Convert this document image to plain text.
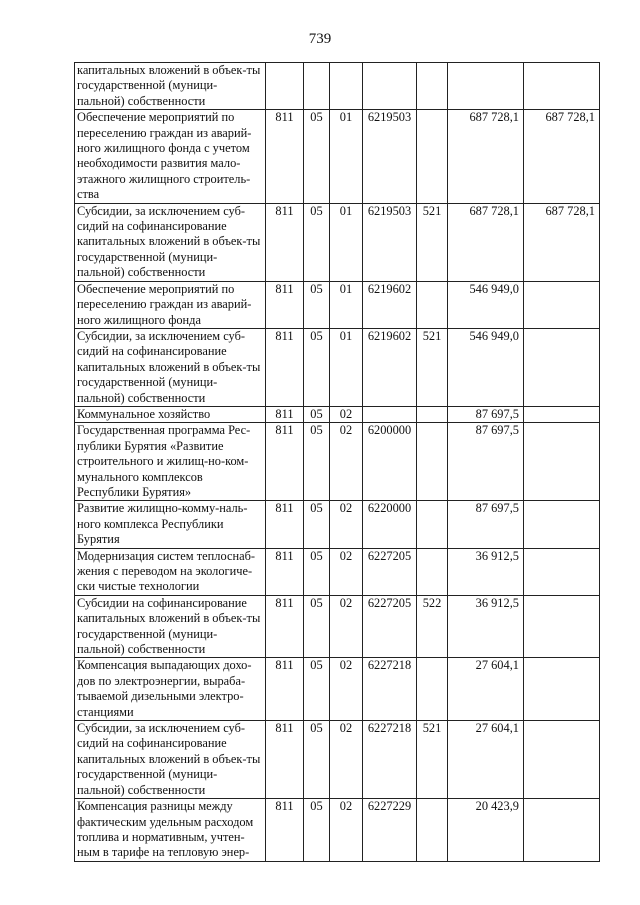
739
капитальных вложений в объек-ты государственной (муници-пальной) собственности							
Обеспечение мероприятий по переселению граждан из аварий-ного жилищного фонда с учетом необходимости развития мало-этажного жилищного строитель-ства	811	05	01	6219503		687 728,1	687 728,1
Субсидии, за исключением суб-сидий на софинансирование капитальных вложений в объек-ты государственной (муници-пальной) собственности	811	05	01	6219503	521	687 728,1	687 728,1
Обеспечение мероприятий по переселению граждан из аварий-ного жилищного фонда	811	05	01	6219602		546 949,0	
Субсидии, за исключением суб-сидий на софинансирование капитальных вложений в объек-ты государственной (муници-пальной) собственности	811	05	01	6219602	521	546 949,0	
Коммунальное хозяйство	811	05	02			87 697,5	
Государственная программа Рес-публики Бурятия «Развитие строительного и жилищ-но-ком-мунального комплексов Республики Бурятия»	811	05	02	6200000		87 697,5	
Развитие жилищно-комму-наль-ного комплекса Республики Бурятия	811	05	02	6220000		87 697,5	
Модернизация систем теплоснаб-жения с переводом на экологиче-ски чистые технологии	811	05	02	6227205		36 912,5	
Субсидии на софинансирование капитальных вложений в объек-ты государственной (муници-пальной) собственности	811	05	02	6227205	522	36 912,5	
Компенсация выпадающих дохо-дов по электроэнергии, выраба-тываемой дизельными электро-станциями	811	05	02	6227218		27 604,1	
Субсидии, за исключением суб-сидий на софинансирование капитальных вложений в объек-ты государственной (муници-пальной) собственности	811	05	02	6227218	521	27 604,1	
Компенсация разницы между фактическим удельным расходом топлива и нормативным, учтен-ным в тарифе на тепловую энер-	811	05	02	6227229		20 423,9	
